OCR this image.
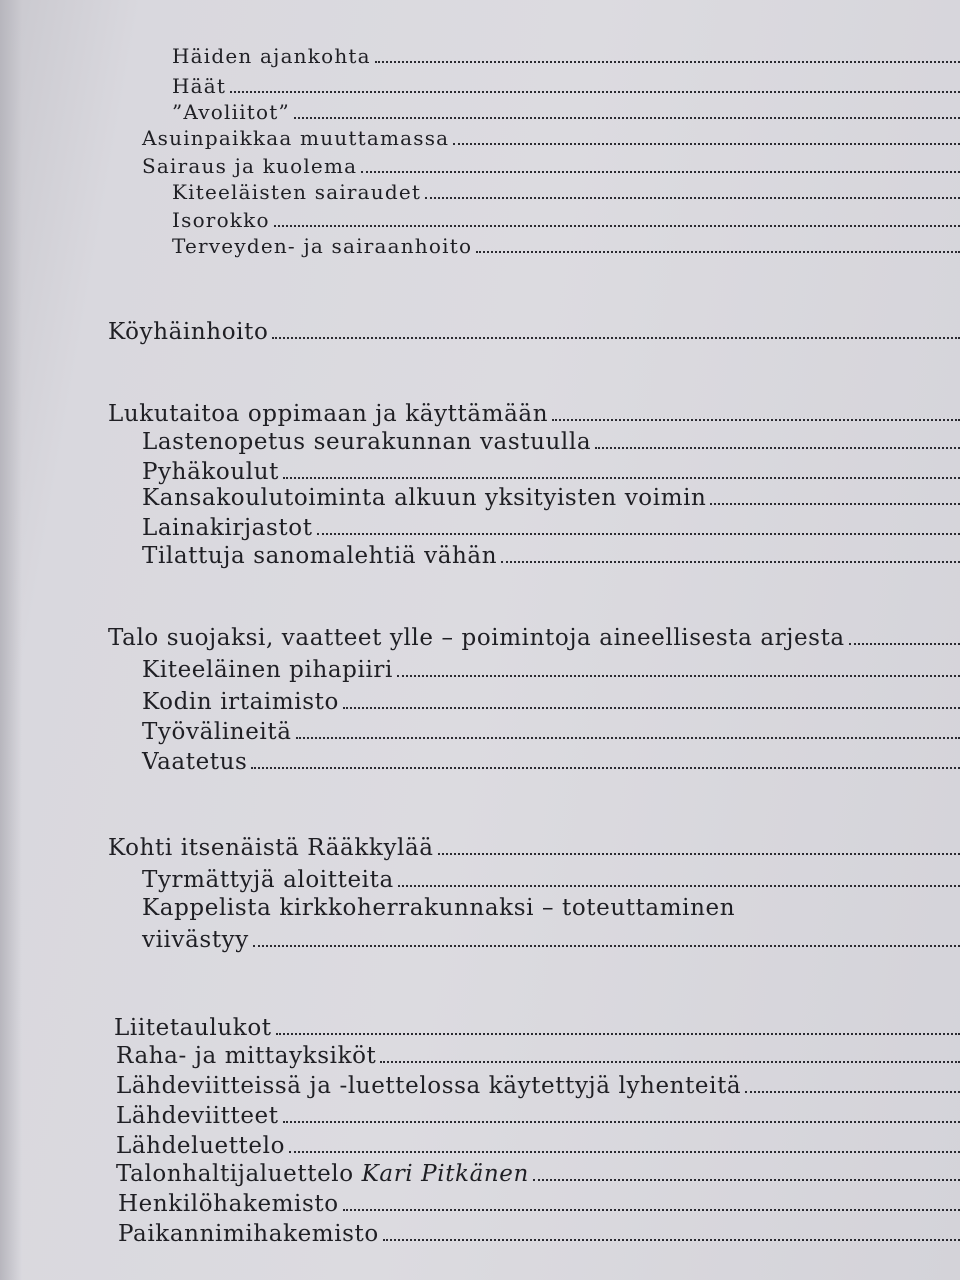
Häiden ajankohta
Häät
”Avoliitot”
Asuinpaikkaa muuttamassa
Sairaus ja kuolema
Kiteeläisten sairaudet
Isorokko
Terveyden- ja sairaanhoito
Köyhäinhoito
Lukutaitoa oppimaan ja käyttämään
Lastenopetus seurakunnan vastuulla
Pyhäkoulut
Kansakoulutoiminta alkuun yksityisten voimin
Lainakirjastot
Tilattuja sanomalehtiä vähän
Talo suojaksi, vaatteet ylle – poimintoja aineellisesta arjesta
Kiteeläinen pihapiiri
Kodin irtaimisto
Työvälineitä
Vaatetus
Kohti itsenäistä Rääkkylää
Tyrmättyjä aloitteita
Kappelista kirkkoherrakunnaksi – toteuttaminen
viivästyy
Liitetaulukot
Raha- ja mittayksiköt
Lähdeviitteissä ja -luettelossa käytettyjä lyhenteitä
Lähdeviitteet
Lähdeluettelo
Talonhaltijaluettelo Kari Pitkänen
Henkilöhakemisto
Paikannimihakemisto
